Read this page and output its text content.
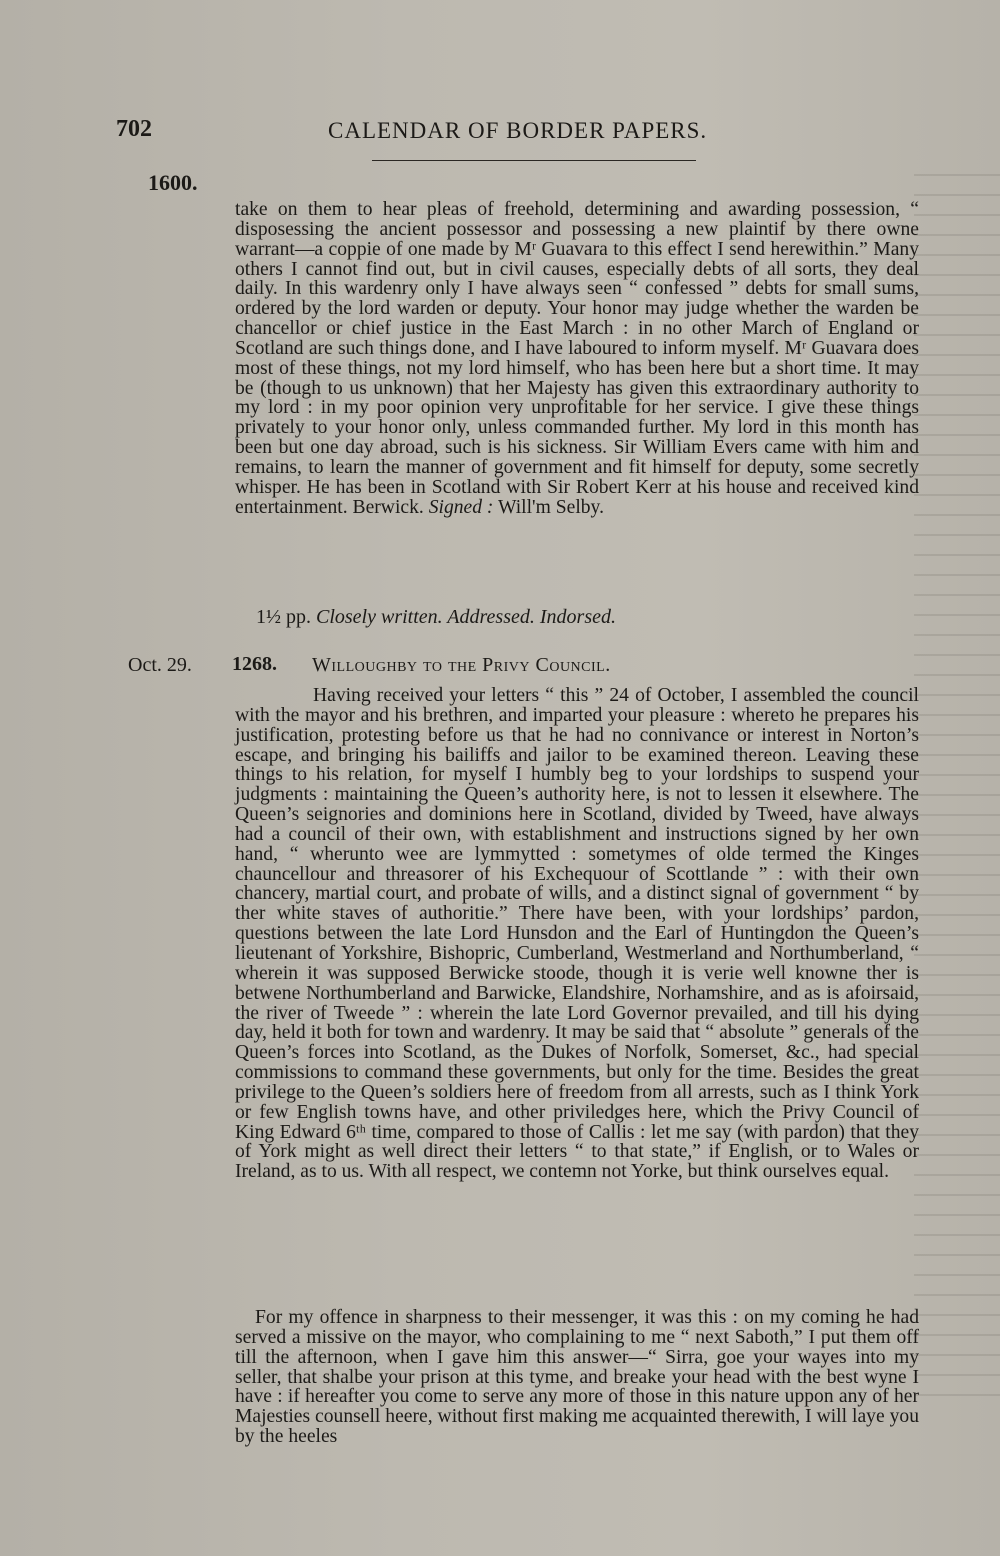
702	CALENDAR OF BORDER PAPERS.
1600.

take on them to hear pleas of freehold, determining and awarding possession, “ disposessing the ancient possessor and possessing a new plaintif by there owne warrant—a coppie of one made by Mʳ Guavara to this effect I send herewithin.” Many others I cannot find out, but in civil causes, especially debts of all sorts, they deal daily. In this wardenry only I have always seen “ confessed ” debts for small sums, ordered by the lord warden or deputy. Your honor may judge whether the warden be chancellor or chief justice in the East March : in no other March of England or Scotland are such things done, and I have laboured to inform myself. Mʳ Guavara does most of these things, not my lord himself, who has been here but a short time. It may be (though to us unknown) that her Majesty has given this extraordinary authority to my lord : in my poor opinion very unprofitable for her service. I give these things privately to your honor only, unless commanded further. My lord in this month has been but one day abroad, such is his sickness. Sir William Evers came with him and remains, to learn the manner of government and fit himself for deputy, some secretly whisper. He has been in Scotland with Sir Robert Kerr at his house and received kind entertainment. Berwick. Signed : Will'm Selby.

1½ pp. Closely written. Addressed. Indorsed.
Oct. 29. 1268. Willoughby to the Privy Council.

Having received your letters “ this ” 24 of October, I assembled the council with the mayor and his brethren, and imparted your pleasure : whereto he prepares his justification, protesting before us that he had no connivance or interest in Norton’s escape, and bringing his bailiffs and jailor to be examined thereon. Leaving these things to his relation, for myself I humbly beg to your lordships to suspend your judgments : maintaining the Queen’s authority here, is not to lessen it elsewhere. The Queen’s seignories and dominions here in Scotland, divided by Tweed, have always had a council of their own, with establishment and instructions signed by her own hand, “ wherunto wee are lymmytted : sometymes of olde termed the Kinges chauncellour and threasorer of his Exchequour of Scottlande ” : with their own chancery, martial court, and probate of wills, and a distinct signal of government “ by ther white staves of authoritie.” There have been, with your lordships’ pardon, questions between the late Lord Hunsdon and the Earl of Huntingdon the Queen’s lieutenant of Yorkshire, Bishopric, Cumberland, Westmerland and Northumberland, “ wherein it was supposed Berwicke stoode, though it is verie well knowne ther is betwene Northumberland and Barwicke, Elandshire, Norhamshire, and as is afoirsaid, the river of Tweede ” : wherein the late Lord Governor prevailed, and till his dying day, held it both for town and wardenry. It may be said that “ absolute ” generals of the Queen’s forces into Scotland, as the Dukes of Norfolk, Somerset, &c., had special commissions to command these governments, but only for the time. Besides the great privilege to the Queen’s soldiers here of freedom from all arrests, such as I think York or few English towns have, and other priviledges here, which the Privy Council of King Edward 6ᵗʰ time, compared to those of Callis : let me say (with pardon) that they of York might as well direct their letters “ to that state,” if English, or to Wales or Ireland, as to us. With all respect, we contemn not Yorke, but think ourselves equal.

For my offence in sharpness to their messenger, it was this : on my coming he had served a missive on the mayor, who complaining to me “ next Saboth,” I put them off till the afternoon, when I gave him this answer—“ Sirra, goe your wayes into my seller, that shalbe your prison at this tyme, and breake your head with the best wyne I have : if hereafter you come to serve any more of those in this nature uppon any of her Majesties counsell heere, without first making me acquainted therewith, I will laye you by the heeles
